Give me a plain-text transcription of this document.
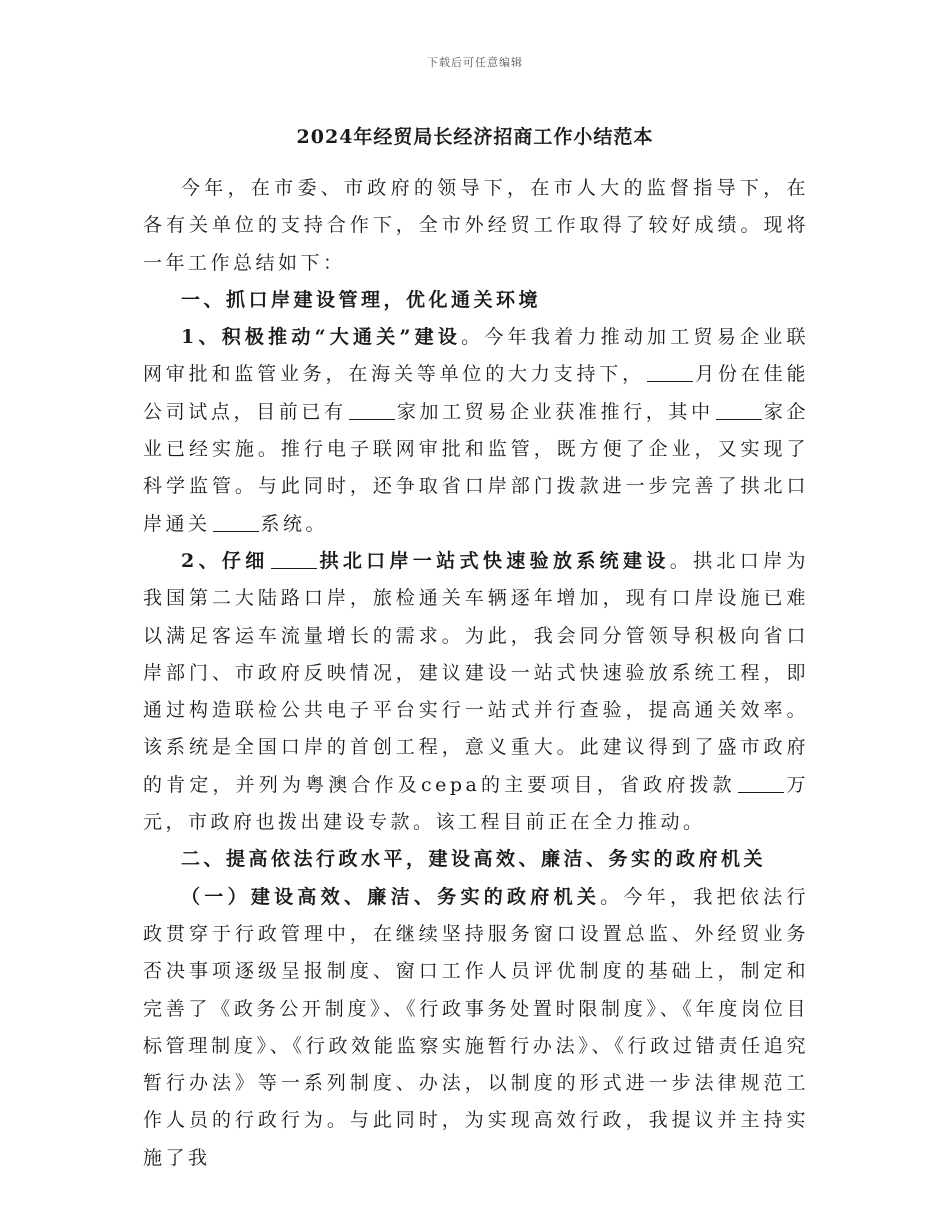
下载后可任意编辑
2024年经贸局长经济招商工作小结范本

今年，在市委、市政府的领导下，在市人大的监督指导下，在各有关单位的支持合作下，全市外经贸工作取得了较好成绩。现将一年工作总结如下：

一、抓口岸建设管理，优化通关环境

1、积极推动“大通关”建设。今年我着力推动加工贸易企业联网审批和监管业务，在海关等单位的大力支持下，	月份在佳能公司试点，目前已有	家加工贸易企业获准推行，其中	家企业已经实施。推行电子联网审批和监管，既方便了企业，又实现了科学监管。与此同时，还争取省口岸部门拨款进一步完善了拱北口岸通关	系统。

2、仔细	拱北口岸一站式快速验放系统建设。拱北口岸为我国第二大陆路口岸，旅检通关车辆逐年增加，现有口岸设施已难以满足客运车流量增长的需求。为此，我会同分管领导积极向省口岸部门、市政府反映情况，建议建设一站式快速验放系统工程，即通过构造联检公共电子平台实行一站式并行查验，提高通关效率。该系统是全国口岸的首创工程，意义重大。此建议得到了盛市政府的肯定，并列为粤澳合作及cepa的主要项目，省政府拨款	万元，市政府也拨出建设专款。该工程目前正在全力推动。

二、提高依法行政水平，建设高效、廉洁、务实的政府机关

（一）建设高效、廉洁、务实的政府机关。今年，我把依法行政贯穿于行政管理中，在继续坚持服务窗口设置总监、外经贸业务否决事项逐级呈报制度、窗口工作人员评优制度的基础上，制定和完善了《政务公开制度》、《行政事务处置时限制度》、《年度岗位目标管理制度》、《行政效能监察实施暂行办法》、《行政过错责任追究暂行办法》等一系列制度、办法，以制度的形式进一步法律规范工作人员的行政行为。与此同时，为实现高效行政，我提议并主持实施了我
